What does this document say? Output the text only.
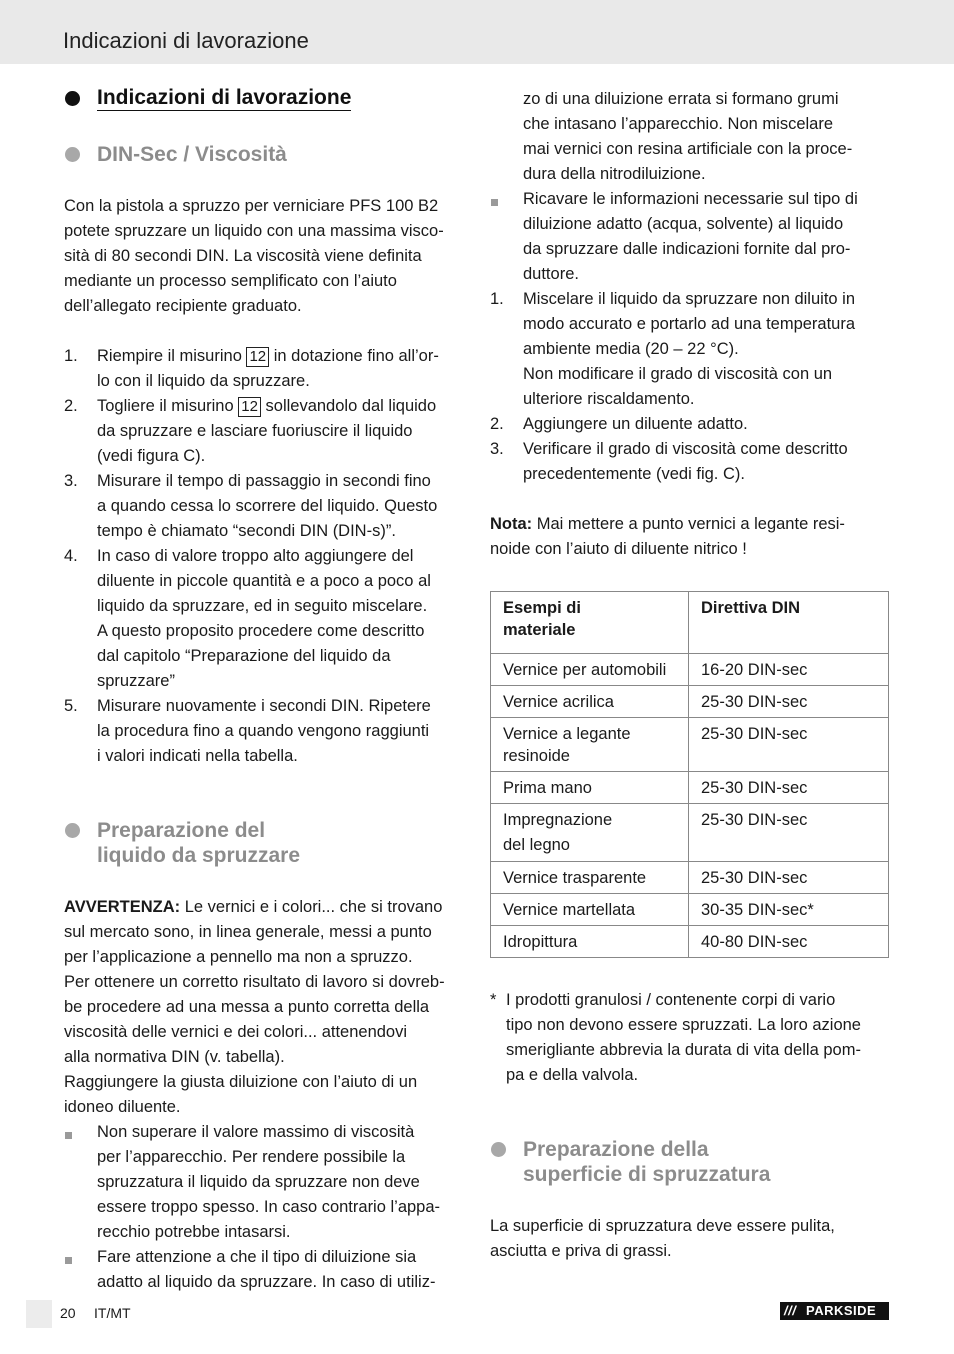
Indicazioni di lavorazione
Indicazioni di lavorazione
DIN-Sec / Viscosità

Con la pistola a spruzzo per verniciare PFS 100 B2

potete spruzzare un liquido con una massima visco-

sità di 80 secondi DIN. La viscosità viene definita

mediante un processo semplificato con l’aiuto

dell’allegato recipiente graduato.

1. Riempire il misurino 12 in dotazione fino all’or-

lo con il liquido da spruzzare.

2. Togliere il misurino 12 sollevandolo dal liquido

da spruzzare e lasciare fuoriuscire il liquido

(vedi figura C).

3. Misurare il tempo di passaggio in secondi fino

a quando cessa lo scorrere del liquido. Questo

tempo è chiamato “secondi DIN (DIN-s)”.

4. In caso di valore troppo alto aggiungere del

diluente in piccole quantità e a poco a poco al

liquido da spruzzare, ed in seguito miscelare.

A questo proposito procedere come descritto

dal capitolo “Preparazione del liquido da

spruzzare”

5. Misurare nuovamente i secondi DIN. Ripetere

la procedura fino a quando vengono raggiunti

i valori indicati nella tabella.

Preparazione del

liquido da spruzzare

AVVERTENZA: Le vernici e i colori... che si trovano

sul mercato sono, in linea generale, messi a punto

per l’applicazione a pennello ma non a spruzzo.

Per ottenere un corretto risultato di lavoro si dovreb-

be procedere ad una messa a punto corretta della

viscosità delle vernici e dei colori... attenendovi

alla normativa DIN (v. tabella).

Raggiungere la giusta diluizione con l’aiuto di un

idoneo diluente.

Non superare il valore massimo di viscosità

per l’apparecchio. Per rendere possibile la

spruzzatura il liquido da spruzzare non deve

essere troppo spesso. In caso contrario l’appa-

recchio potrebbe intasarsi.

Fare attenzione a che il tipo di diluizione sia

adatto al liquido da spruzzare. In caso di utiliz-

zo di una diluizione errata si formano grumi

che intasano l’apparecchio. Non miscelare

mai vernici con resina artificiale con la proce-

dura della nitrodiluizione.

Ricavare le informazioni necessarie sul tipo di

diluizione adatto (acqua, solvente) al liquido

da spruzzare dalle indicazioni fornite dal pro-

duttore.

1. Miscelare il liquido da spruzzare non diluito in

modo accurato e portarlo ad una temperatura

ambiente media (20 – 22 °C).

Non modificare il grado di viscosità con un

ulteriore riscaldamento.

2. Aggiungere un diluente adatto.

3. Verificare il grado di viscosità come descritto

precedentemente (vedi fig. C).

Nota: Mai mettere a punto vernici a legante resi-

noide con l’aiuto di diluente nitrico !

Esempi di
materiale	Direttiva DIN
Vernice per automobili	16-20 DIN-sec
Vernice acrilica	25-30 DIN-sec

Vernice a legante
resinoide	25-30 DIN-sec
Prima mano	25-30 DIN-sec

Impregnazione
del legno	25-30 DIN-sec
Vernice trasparente	25-30 DIN-sec
Vernice martellata	30-35 DIN-sec*
Idropittura	40-80 DIN-sec
* I prodotti granulosi / contenente corpi di vario

tipo non devono essere spruzzati. La loro azione

smerigliante abbrevia la durata di vita della pom-

pa e della valvola.

Preparazione della

superficie di spruzzatura

La superficie di spruzzatura deve essere pulita,

asciutta e priva di grassi.

20 IT/MT	/// PARKSIDE
